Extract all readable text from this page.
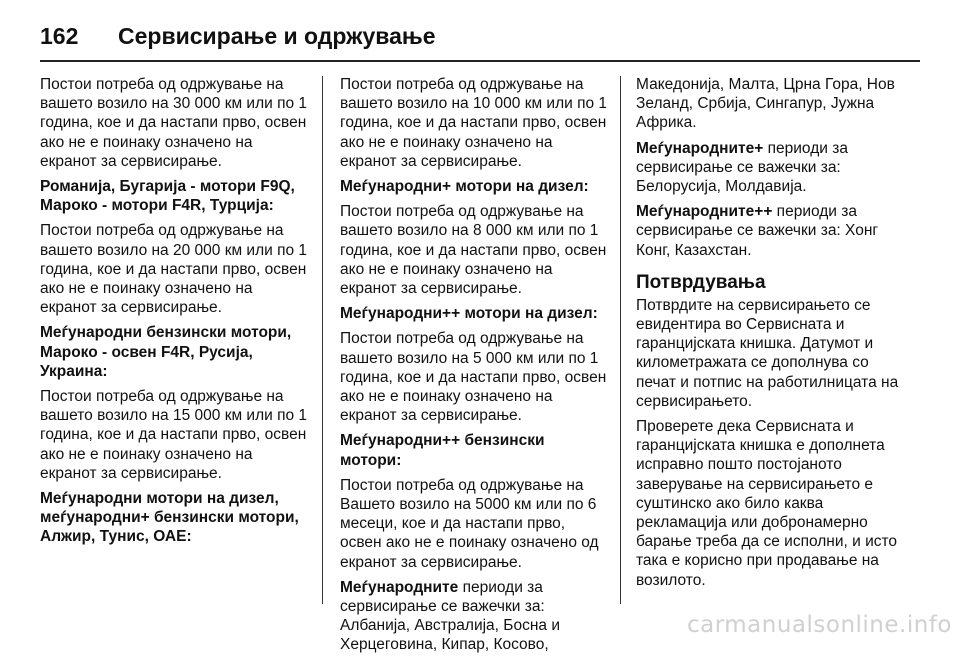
162	Сервисирање и одржување

Постои потреба од одржување на вашето возило на 30 000 км или по 1 година, кое и да настапи прво, освен ако не е поинаку означено на екранот за сервисирање.

Романија, Бугарија - мотори F9Q, Мароко - мотори F4R, Турција:

Постои потреба од одржување на вашето возило на 20 000 км или по 1 година, кое и да настапи прво, освен ако не е поинаку означено на екранот за сервисирање.

Меѓународни бензински мотори, Мароко - освен F4R, Русија, Украина:

Постои потреба од одржување на вашето возило на 15 000 км или по 1 година, кое и да настапи прво, освен ако не е поинаку означено на екранот за сервисирање.

Меѓународни мотори на дизел, меѓународни+ бензински мотори, Алжир, Тунис, ОАЕ:

Постои потреба од одржување на вашето возило на 10 000 км или по 1 година, кое и да настапи прво, освен ако не е поинаку означено на екранот за сервисирање.

Меѓународни+ мотори на дизел:

Постои потреба од одржување на вашето возило на 8 000 км или по 1 година, кое и да настапи прво, освен ако не е поинаку означено на екранот за сервисирање.

Меѓународни++ мотори на дизел:

Постои потреба од одржување на вашето возило на 5 000 км или по 1 година, кое и да настапи прво, освен ако не е поинаку означено на екранот за сервисирање.

Меѓународни++ бензински мотори:

Постои потреба од одржување на Вашето возило на 5000 км или по 6 месеци, кое и да настапи прво, освен ако не е поинаку означено од екранот за сервисирање.

Меѓународните периоди за сервисирање се важечки за: Албанија, Австралија, Босна и Херцеговина, Кипар, Косово,

Македонија, Малта, Црна Гора, Нов Зеланд, Србија, Сингапур, Јужна Африка.

Меѓународните+ периоди за сервисирање се важечки за: Белорусија, Молдавија.

Меѓународните++ периоди за сервисирање се важечки за: Хонг Конг, Казахстан.

Потврдувања

Потврдите на сервисирањето се евидентира во Сервисната и гаранцијската книшка. Датумот и километражата се дополнува со печат и потпис на работилницата на сервисирањето.

Проверете дека Сервисната и гаранцијската книшка е дополнета исправно пошто постојаното заверување на сервисирањето е суштинско ако било каква рекламација или добронамерно барање треба да се исполни, и исто така е корисно при продавање на возилото.

carmanualsonline.info
